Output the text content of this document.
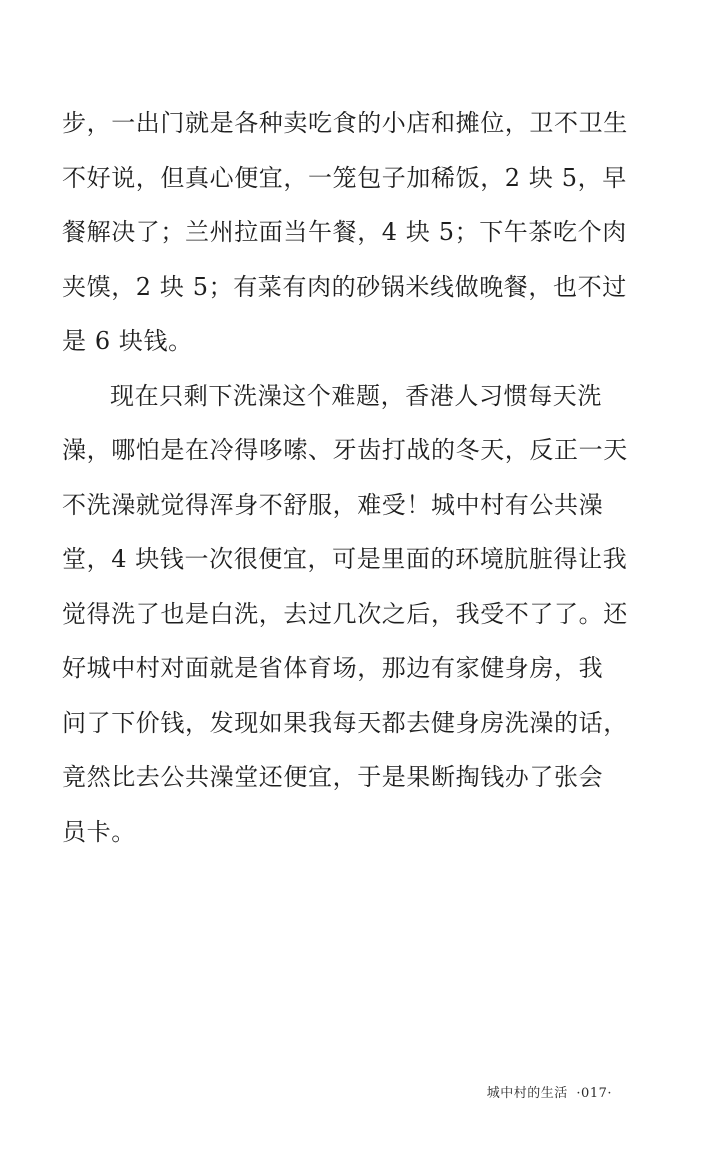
步，一出门就是各种卖吃食的小店和摊位，卫不卫生
不好说，但真心便宜，一笼包子加稀饭，2 块 5，早
餐解决了；兰州拉面当午餐，4 块 5；下午茶吃个肉
夹馍，2 块 5；有菜有肉的砂锅米线做晚餐，也不过
是 6 块钱。
现在只剩下洗澡这个难题，香港人习惯每天洗
澡，哪怕是在冷得哆嗦、牙齿打战的冬天，反正一天
不洗澡就觉得浑身不舒服，难受！城中村有公共澡
堂，4 块钱一次很便宜，可是里面的环境肮脏得让我
觉得洗了也是白洗，去过几次之后，我受不了了。还
好城中村对面就是省体育场，那边有家健身房，我
问了下价钱，发现如果我每天都去健身房洗澡的话，
竟然比去公共澡堂还便宜，于是果断掏钱办了张会
员卡。
城中村的生活 ·017·
